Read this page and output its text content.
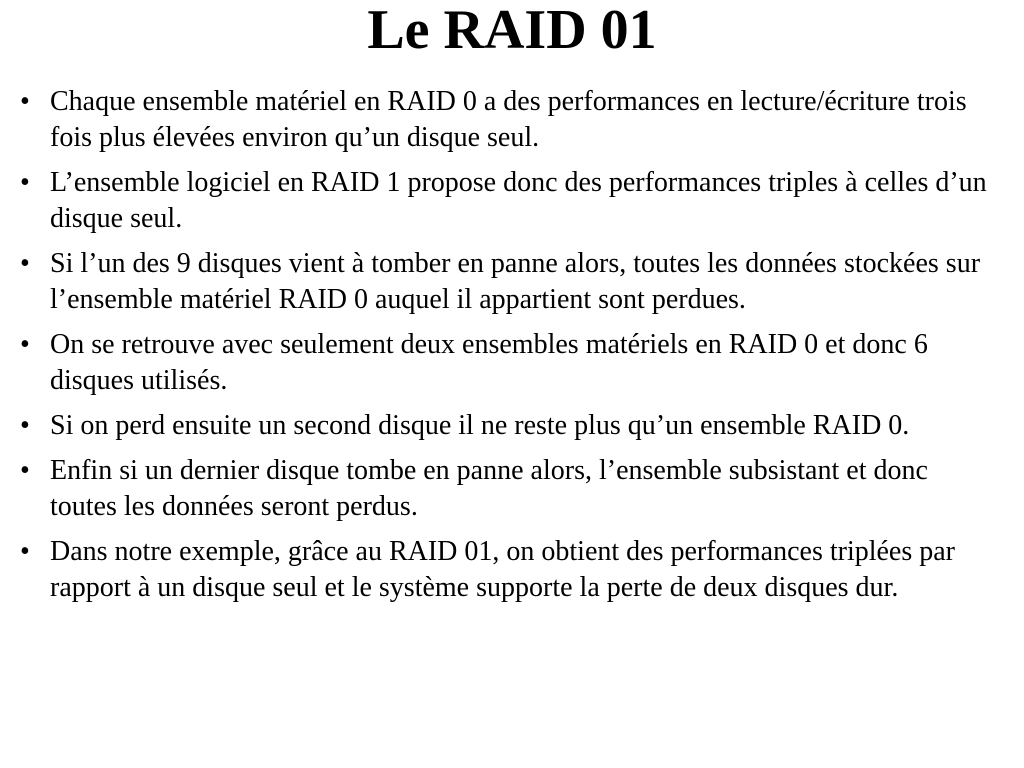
Le RAID 01
• Chaque ensemble matériel en RAID 0 a des performances en lecture/écriture trois fois plus élevées environ qu’un disque seul.
• L’ensemble logiciel en RAID 1 propose donc des performances triples à celles d’un disque seul.
• Si l’un des 9 disques vient à tomber en panne alors, toutes les données stockées sur l’ensemble matériel RAID 0 auquel il appartient sont perdues.
• On se retrouve avec seulement deux ensembles matériels en RAID 0 et donc 6 disques utilisés.
• Si on perd ensuite un second disque il ne reste plus qu’un ensemble RAID 0.
• Enfin si un dernier disque tombe en panne alors, l’ensemble subsistant et donc toutes les données seront perdus.
• Dans notre exemple, grâce au RAID 01, on obtient des performances triplées par rapport à un disque seul et le système supporte la perte de deux disques dur.
